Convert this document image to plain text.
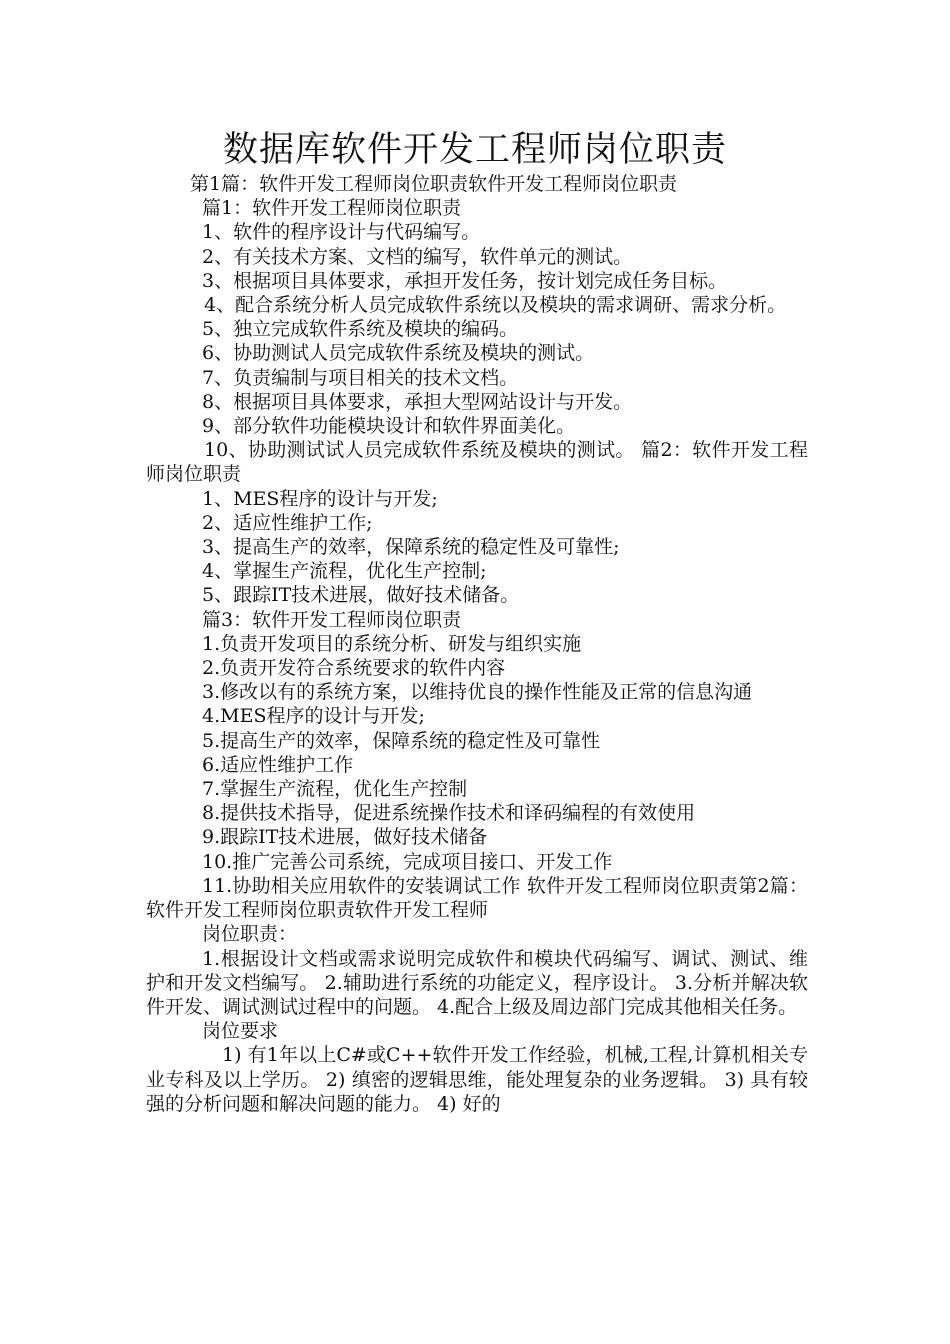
数据库软件开发工程师岗位职责

第1篇：软件开发工程师岗位职责软件开发工程师岗位职责

篇1：软件开发工程师岗位职责

1、软件的程序设计与代码编写。

2、有关技术方案、文档的编写，软件单元的测试。

3、根据项目具体要求，承担开发任务，按计划完成任务目标。

4、配合系统分析人员完成软件系统以及模块的需求调研、需求分析。

5、独立完成软件系统及模块的编码。

6、协助测试人员完成软件系统及模块的测试。

7、负责编制与项目相关的技术文档。

8、根据项目具体要求，承担大型网站设计与开发。

9、部分软件功能模块设计和软件界面美化。

10、协助测试试人员完成软件系统及模块的测试。 篇2：软件开发工程师岗位职责

1、MES程序的设计与开发;

2、适应性维护工作;

3、提高生产的效率，保障系统的稳定性及可靠性;

4、掌握生产流程，优化生产控制;

5、跟踪IT技术进展，做好技术储备。

篇3：软件开发工程师岗位职责

1.负责开发项目的系统分析、研发与组织实施

2.负责开发符合系统要求的软件内容

3.修改以有的系统方案，以维持优良的操作性能及正常的信息沟通

4.MES程序的设计与开发;

5.提高生产的效率，保障系统的稳定性及可靠性

6.适应性维护工作

7.掌握生产流程，优化生产控制

8.提供技术指导，促进系统操作技术和译码编程的有效使用

9.跟踪IT技术进展，做好技术储备

10.推广完善公司系统，完成项目接口、开发工作

11.协助相关应用软件的安装调试工作 软件开发工程师岗位职责第2篇：软件开发工程师岗位职责软件开发工程师

岗位职责：

1.根据设计文档或需求说明完成软件和模块代码编写、调试、测试、维护和开发文档编写。 2.辅助进行系统的功能定义，程序设计。 3.分析并解决软件开发、调试测试过程中的问题。 4.配合上级及周边部门完成其他相关任务。

岗位要求

1) 有1年以上C#或C++软件开发工作经验，机械,工程,计算机相关专业专科及以上学历。 2) 缜密的逻辑思维，能处理复杂的业务逻辑。 3) 具有较强的分析问题和解决问题的能力。 4) 好的
